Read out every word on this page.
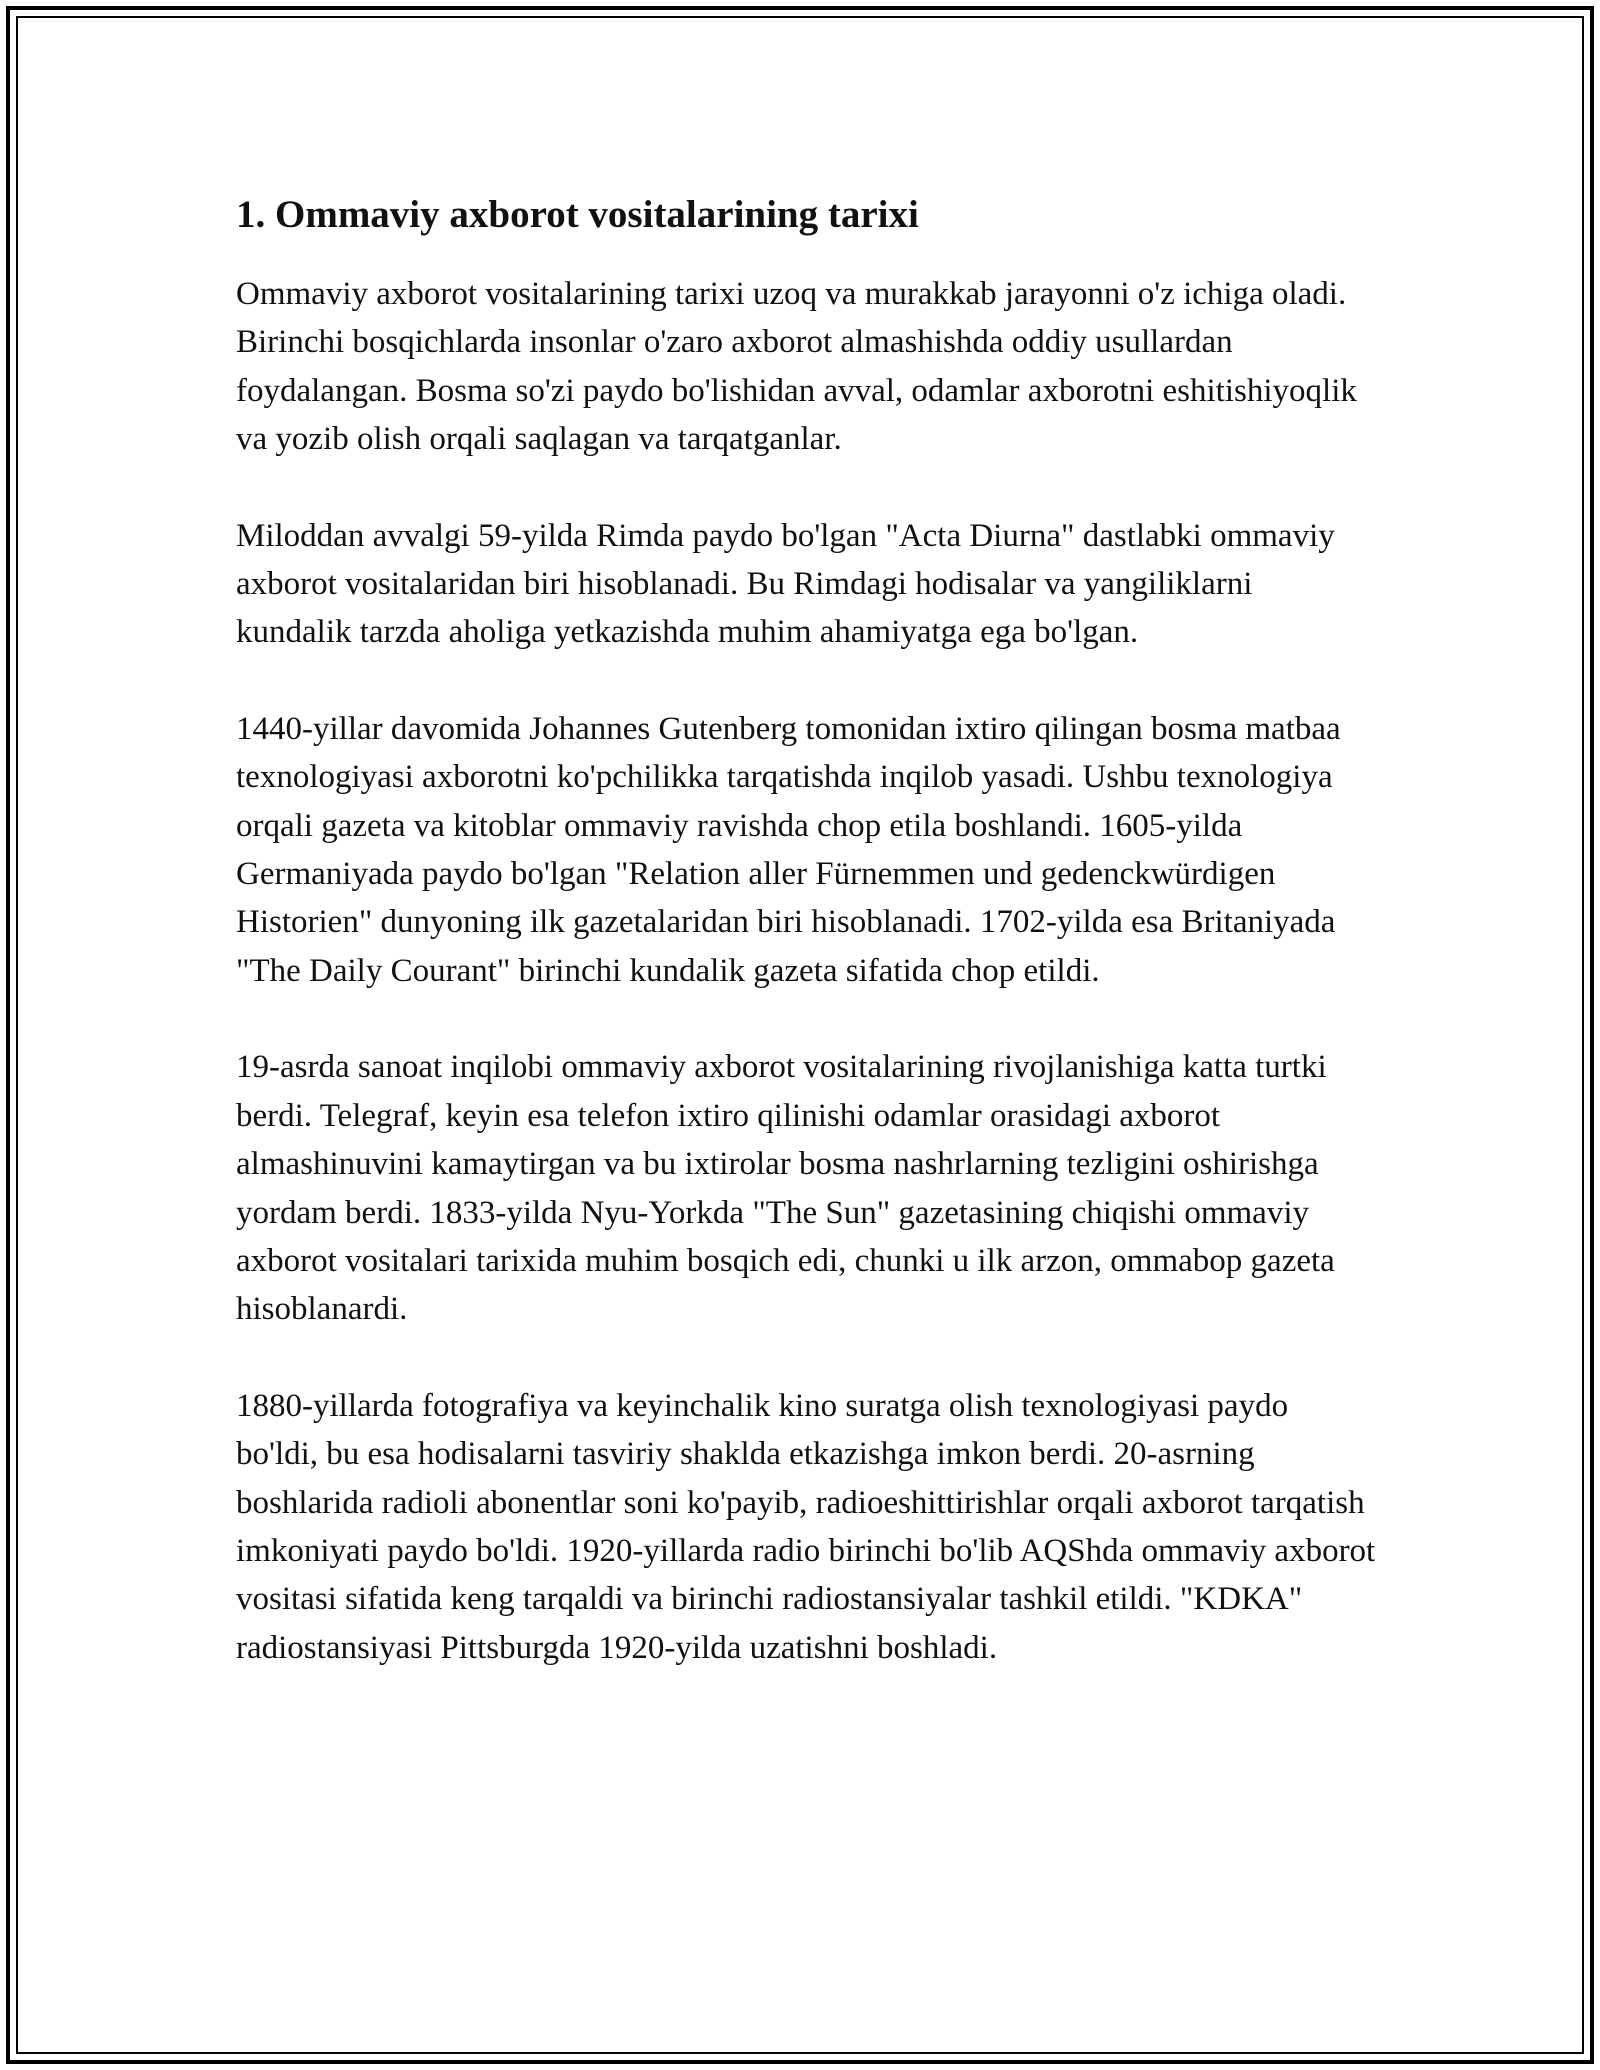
1. Ommaviy axborot vositalarining tarixi

Ommaviy axborot vositalarining tarixi uzoq va murakkab jarayonni o'z ichiga oladi. Birinchi bosqichlarda insonlar o'zaro axborot almashishda oddiy usullardan foydalangan. Bosma so'zi paydo bo'lishidan avval, odamlar axborotni eshitishiyoqlik va yozib olish orqali saqlagan va tarqatganlar.

Miloddan avvalgi 59-yilda Rimda paydo bo'lgan "Acta Diurna" dastlabki ommaviy axborot vositalaridan biri hisoblanadi. Bu Rimdagi hodisalar va yangiliklarni kundalik tarzda aholiga yetkazishda muhim ahamiyatga ega bo'lgan.

1440-yillar davomida Johannes Gutenberg tomonidan ixtiro qilingan bosma matbaa texnologiyasi axborotni ko'pchilikka tarqatishda inqilob yasadi. Ushbu texnologiya orqali gazeta va kitoblar ommaviy ravishda chop etila boshlandi. 1605-yilda Germaniyada paydo bo'lgan "Relation aller Fürnemmen und gedenckwürdigen Historien" dunyoning ilk gazetalaridan biri hisoblanadi. 1702-yilda esa Britaniyada "The Daily Courant" birinchi kundalik gazeta sifatida chop etildi.

19-asrda sanoat inqilobi ommaviy axborot vositalarining rivojlanishiga katta turtki berdi. Telegraf, keyin esa telefon ixtiro qilinishi odamlar orasidagi axborot almashinuvini kamaytirgan va bu ixtirolar bosma nashrlarning tezligini oshirishga yordam berdi. 1833-yilda Nyu-Yorkda "The Sun" gazetasining chiqishi ommaviy axborot vositalari tarixida muhim bosqich edi, chunki u ilk arzon, ommabop gazeta hisoblanardi.

1880-yillarda fotografiya va keyinchalik kino suratga olish texnologiyasi paydo bo'ldi, bu esa hodisalarni tasviriy shaklda etkazishga imkon berdi. 20-asrning boshlarida radioli abonentlar soni ko'payib, radioeshittirishlar orqali axborot tarqatish imkoniyati paydo bo'ldi. 1920-yillarda radio birinchi bo'lib AQShda ommaviy axborot vositasi sifatida keng tarqaldi va birinchi radiostansiyalar tashkil etildi. "KDKA" radiostansiyasi Pittsburgda 1920-yilda uzatishni boshladi.
